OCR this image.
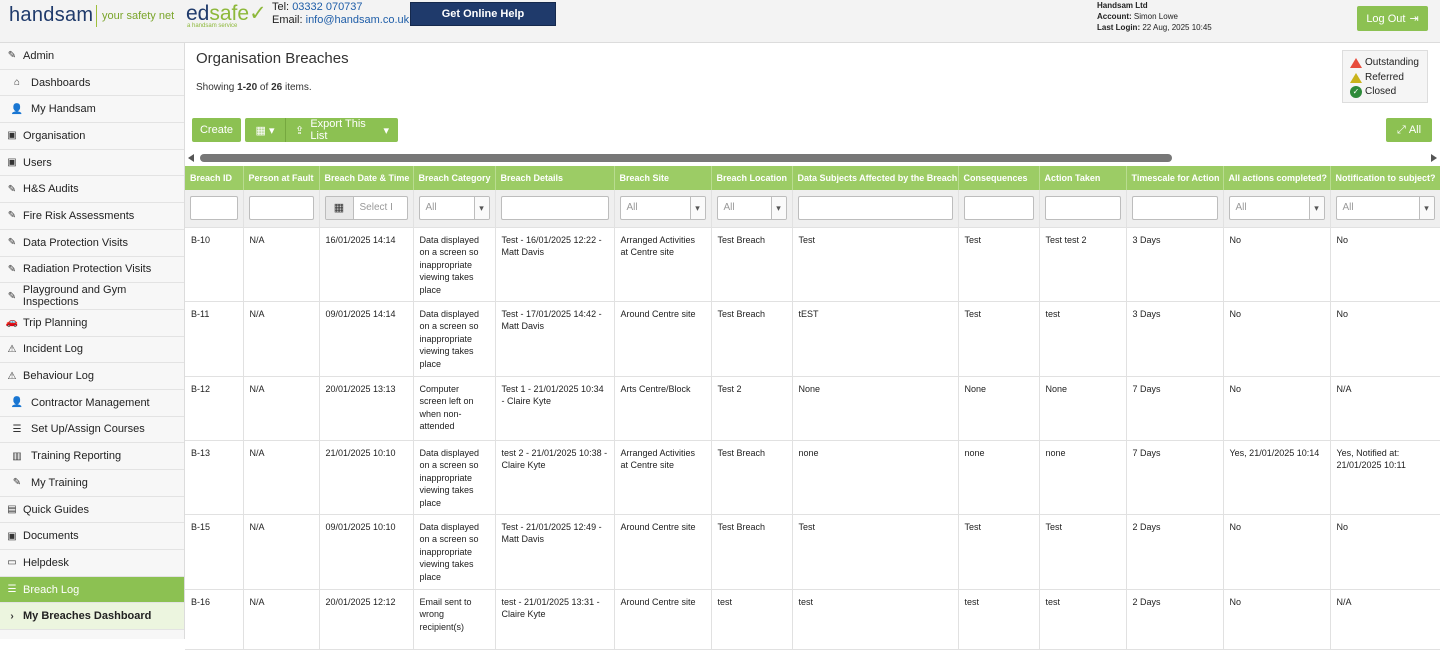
handsam your safety net edsafe✓
a handsam service
Tel: 03332 070737
Email: info@handsam.co.uk	Get Online Help
Handsam Ltd
Account: Simon Lowe
Last Login: 22 Aug, 2025 10:45
Log Out ⇥
✎ Admin
⌂ Dashboards
👤 My Handsam
▣ Organisation
▣ Users
✎ H&S Audits
✎ Fire Risk Assessments
✎ Data Protection Visits
✎ Radiation Protection Visits
✎ Playground and Gym Inspections
🚗 Trip Planning
⚠ Incident Log
⚠ Behaviour Log
👤 Contractor Management
☰ Set Up/Assign Courses
▥ Training Reporting
✎ My Training
▤ Quick Guides
▣ Documents
▭ Helpdesk
☰ Breach Log
› My Breaches Dashboard
Organisation Breaches
Showing 1-20 of 26 items.
Outstanding
Referred
✓ Closed
Create	▦
▾ ⇪

Export This List
	▾	⤢
All
Breach ID	Person at Fault	Breach Date & Time	Breach Category	Breach Details	Breach Site	Breach Location	Data Subjects Affected by the Breach	Consequences	Action Taken	Timescale for Action	All actions completed?	Notification to subject?

▦ Select I	All
▾		All
▾	All
▾					All
▾	All
▾

B-10	N/A	16/01/2025 14:14	Data displayed on a screen so inappropriate viewing takes place	Test - 16/01/2025 12:22 - Matt Davis	Arranged Activities at Centre site	Test Breach	Test	Test	Test test 2	3 Days	No	No
B-11	N/A	09/01/2025 14:14	Data displayed on a screen so inappropriate viewing takes place	Test - 17/01/2025 14:42 - Matt Davis	Around Centre site	Test Breach	tEST	Test	test	3 Days	No	No
B-12	N/A	20/01/2025 13:13	Computer screen left on when non-attended	Test 1 - 21/01/2025 10:34 - Claire Kyte	Arts Centre/Block	Test 2	None	None	None	7 Days	No	N/A
B-13	N/A	21/01/2025 10:10	Data displayed on a screen so inappropriate viewing takes place	test 2 - 21/01/2025 10:38 - Claire Kyte	Arranged Activities at Centre site	Test Breach	none	none	none	7 Days	Yes, 21/01/2025 10:14	Yes, Notified at: 21/01/2025 10:11
B-15	N/A	09/01/2025 10:10	Data displayed on a screen so inappropriate viewing takes place	Test - 21/01/2025 12:49 - Matt Davis	Around Centre site	Test Breach	Test	Test	Test	2 Days	No	No
B-16	N/A	20/01/2025 12:12	Email sent to wrong recipient(s)	test - 21/01/2025 13:31 - Claire Kyte	Around Centre site	test	test	test	test	2 Days	No	N/A
